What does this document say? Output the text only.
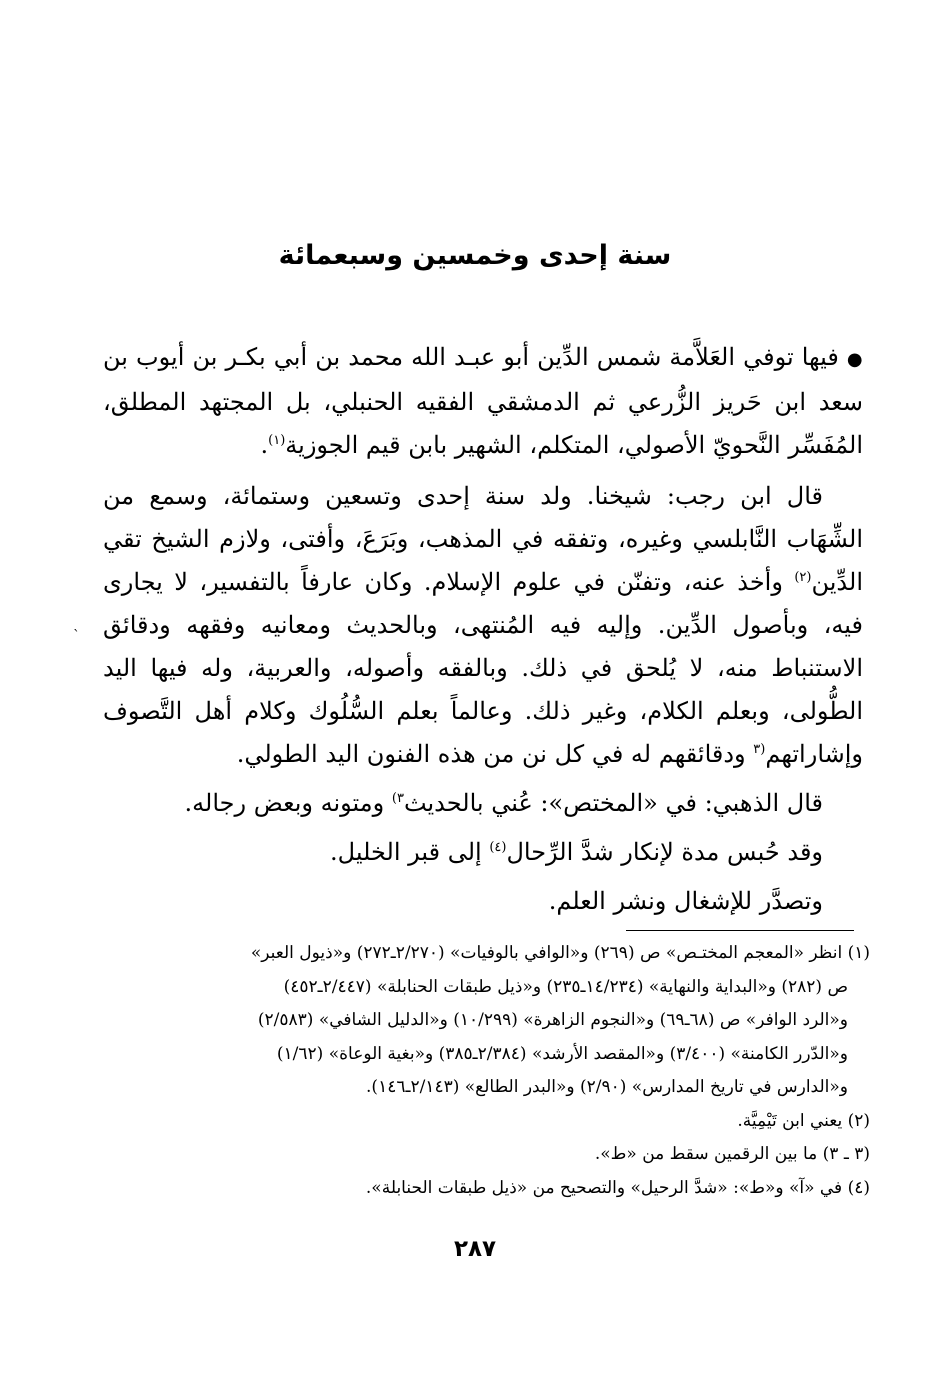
سنة إحدى وخمسين وسبعمائة

●فيها توفي العَلاَّمة شمس الدِّين أبو عبـد الله محمد بن أبي بكـر بن أيوب بن سعد ابن حَريز الزُّرعي ثم الدمشقي الفقيه الحنبلي، بل المجتهد المطلق، المُفَسِّر النَّحويّ الأصولي، المتكلم، الشهير بابن قيم الجوزية$^{(١)}$.

قال ابن رجب: شيخنا. ولد سنة إحدى وتسعين وستمائة، وسمع من الشِّهَاب النَّابلسي وغيره، وتفقه في المذهب، وبَرَعَ، وأفتى، ولازم الشيخ تقي الدِّين$^{(٢)}$ وأخذ عنه، وتفنّن في علوم الإسلام. وكان عارفاً بالتفسير، لا يجارى فيه، وبأصول الدِّين. وإليه فيه المُنتهى، وبالحديث ومعانيه وفقهه ودقائق الاستنباط منه، لا يُلحق في ذلك. وبالفقه وأصوله، والعربية، وله فيها اليد الطُّولى، وبعلم الكلام، وغير ذلك. وعالماً بعلم السُّلُوك وكلام أهل التَّصوف وإشاراتهم$^{(٣}$ ودقائقهم له في كل نن من هذه الفنون اليد الطولي.

قال الذهبي: في «المختص»: عُني بالحديث$^{٣)}$ ومتونه وبعض رجاله.

وقد حُبس مدة لإنكار شدَّ الرِّحال$^{(٤)}$ إلى قبر الخليل.

وتصدَّر للإشغال ونشر العلم.

(١) انظر «المعجم المختـص» ص (٢٦٩) و«الوافي بالوفيات» (٢/٢٧٠ـ٢٧٢) و«ذيول العبر»

ص (٢٨٢) و«البداية والنهاية» (١٤/٢٣٤ـ٢٣٥) و«ذيل طبقات الحنابلة» (٢/٤٤٧ـ٤٥٢)

و«الرد الوافر» ص (٦٨ـ٦٩) و«النجوم الزاهرة» (١٠/٢٩٩) و«الدليل الشافي» (٢/٥٨٣)

و«الدّرر الكامنة» (٣/٤٠٠) و«المقصد الأرشد» (٢/٣٨٤ـ٣٨٥) و«بغية الوعاة» (١/٦٢)

و«الدارس في تاريخ المدارس» (٢/٩٠) و«البدر الطالع» (٢/١٤٣ـ١٤٦).

(٢) يعني ابن تَيْمِيَّة.

(٣ ـ ٣) ما بين الرقمين سقط من «ط».

(٤) في «آ» و«ط»: «شدَّ الرحيل» والتصحيح من «ذيل طبقات الحنابلة».

٢٨٧
ˋ
